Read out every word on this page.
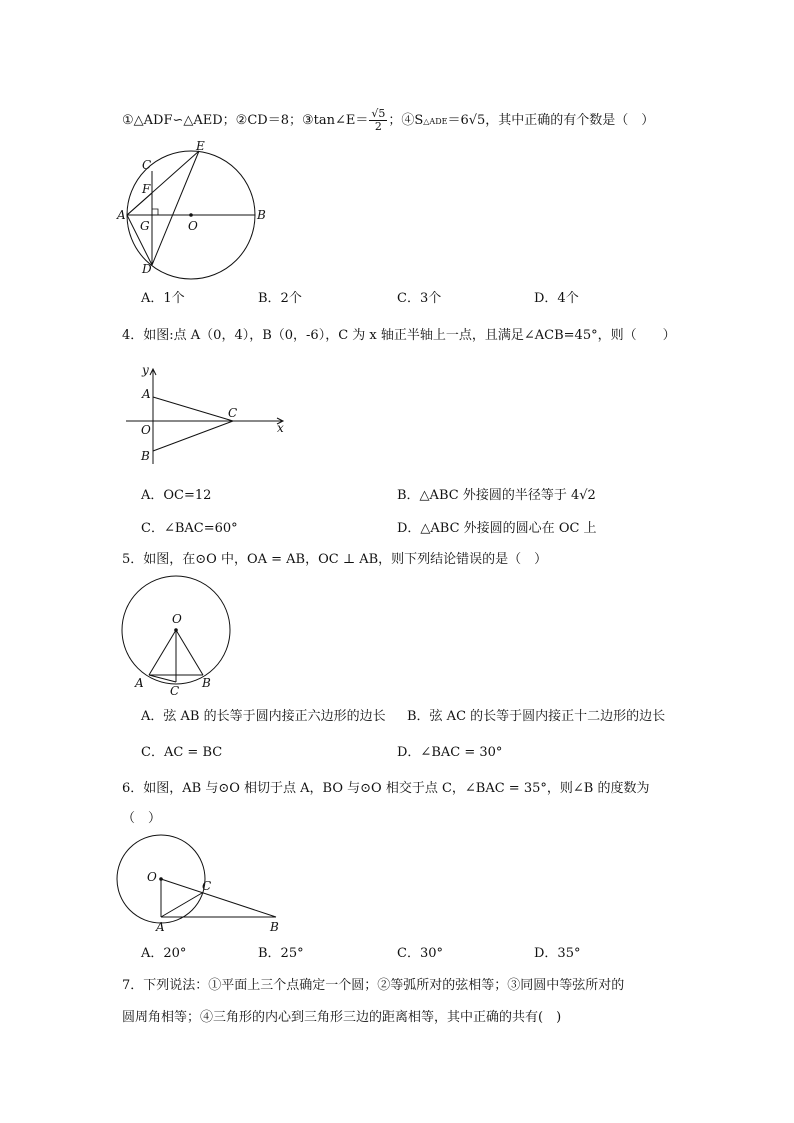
①△ADF∽△AED；②CD＝8；③tan∠E＝ $\frac{√5}{2}$ ；④S△ADE＝6√5，其中正确的有个数是（　）
C
E
F
A
G	O
B
D
A．1个	B．2个	C．3个	D．4个
4．如图:点 A（0，4），B（0，-6），C 为 x 轴正半轴上一点，且满足∠ACB=45°，则（　　）
y
A
O
C
x
B
A．OC=12	B．△ABC 外接圆的半径等于 4√2
C．∠BAC=60°	D．△ABC 外接圆的圆心在 OC 上
5．如图，在⊙O 中，OA = AB，OC ⊥ AB，则下列结论错误的是（　）
O
A
C
B
A．弦 AB 的长等于圆内接正六边形的边长 B．弦 AC 的长等于圆内接正十二边形的边长
C．AC = BC	D．∠BAC = 30°
6．如图，AB 与⊙O 相切于点 A，BO 与⊙O 相交于点 C，∠BAC = 35°，则∠B 的度数为
（　）
O
C
A	B
A．20°	B．25°	C．30°	D．35°
7．下列说法：①平面上三个点确定一个圆；②等弧所对的弦相等；③同圆中等弦所对的
圆周角相等；④三角形的内心到三角形三边的距离相等，其中正确的共有(　)
